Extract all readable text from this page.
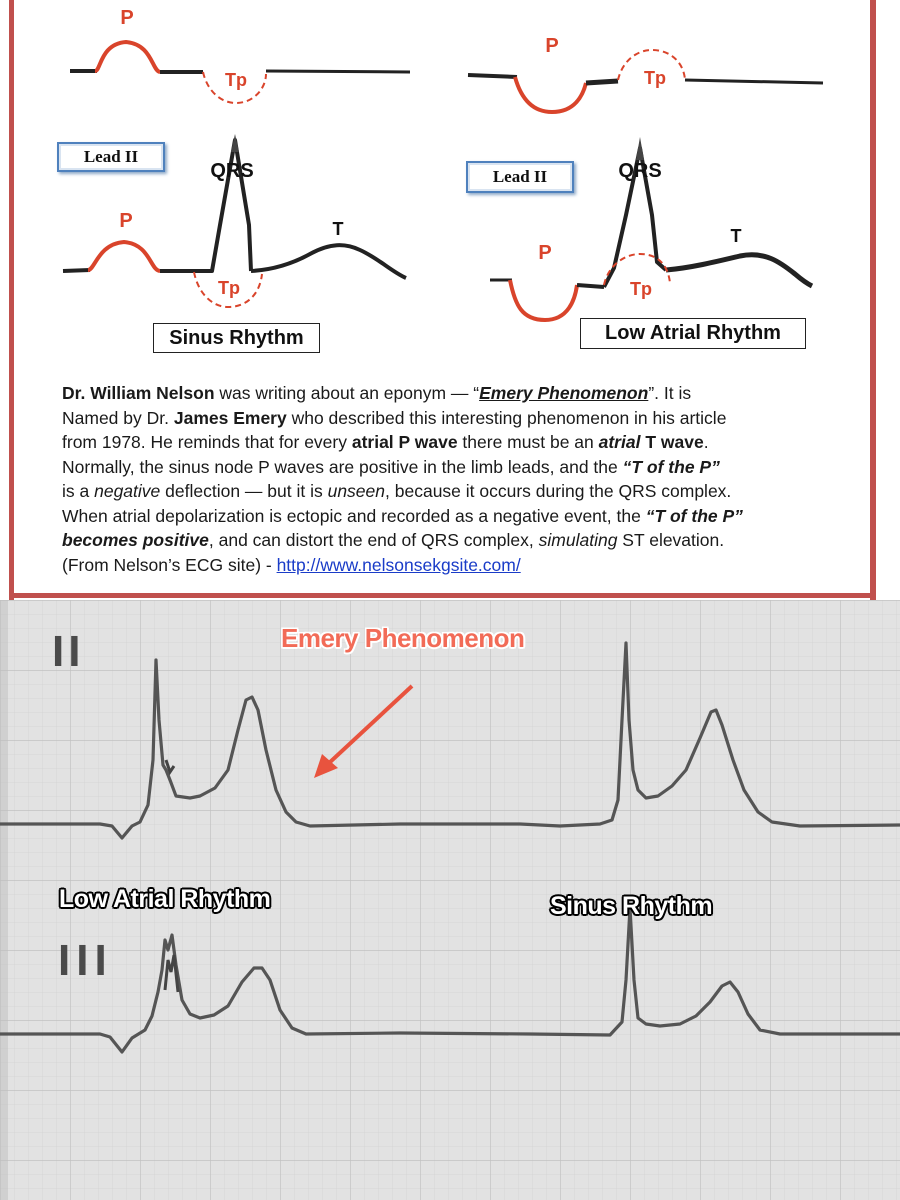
P
Tp
P
Tp
P
QRS
T
Tp
P
QRS
T
Tp
Lead II
Lead II
Sinus Rhythm	Low Atrial Rhythm

Dr. William Nelson was writing about an eponym — “Emery Phenomenon”. It is

Named by Dr. James Emery who described this interesting phenomenon in his article

from 1978. He reminds that for every atrial P wave there must be an atrial T wave.

Normally, the sinus node P waves are positive in the limb leads, and the “T of the P”

is a negative deflection — but it is unseen, because it occurs during the QRS complex.

When atrial depolarization is ectopic and recorded as a negative event, the “T of the P”

becomes positive, and can distort the end of QRS complex, simulating ST elevation.

(From Nelson’s ECG site) - http://www.nelsonsekgsite.com/

II
III
Emery Phenomenon
Low Atrial Rhythm	Sinus Rhythm
